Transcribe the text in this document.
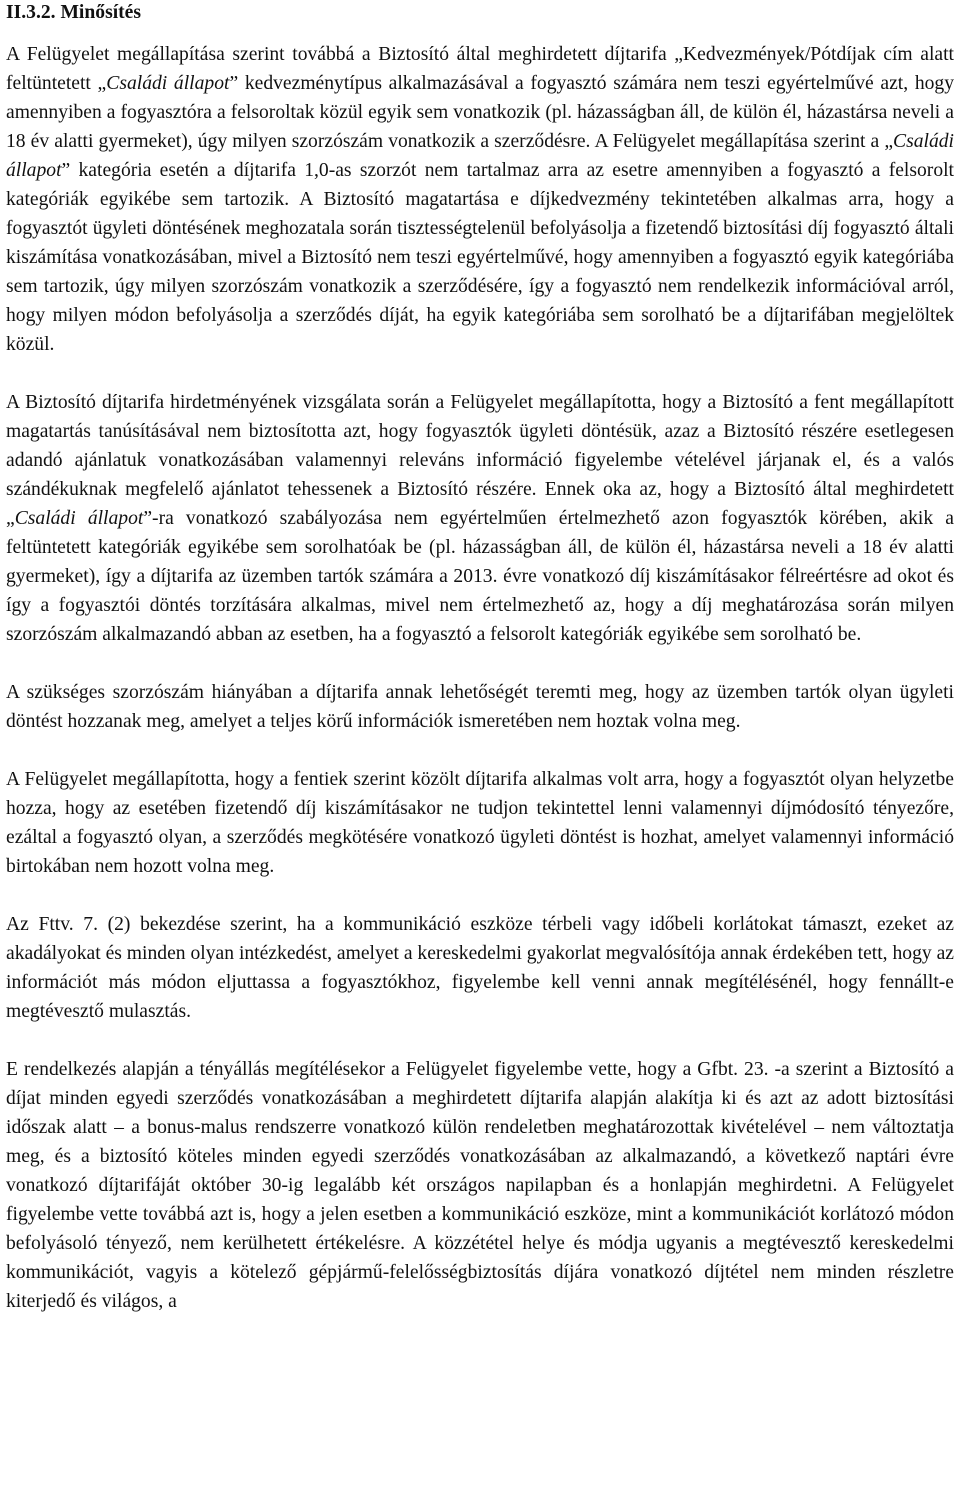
II.3.2. Minősítés

A Felügyelet megállapítása szerint továbbá a Biztosító által meghirdetett díjtarifa „Kedvezmények/Pótdíjak cím alatt feltüntetett „Családi állapot” kedvezménytípus alkalmazásával a fogyasztó számára nem teszi egyértelművé azt, hogy amennyiben a fogyasztóra a felsoroltak közül egyik sem vonatkozik (pl. házasságban áll, de külön él, házastársa neveli a 18 év alatti gyermeket), úgy milyen szorzószám vonatkozik a szerződésre. A Felügyelet megállapítása szerint a „Családi állapot” kategória esetén a díjtarifa 1,0-as szorzót nem tartalmaz arra az esetre amennyiben a fogyasztó a felsorolt kategóriák egyikébe sem tartozik. A Biztosító magatartása e díjkedvezmény tekintetében alkalmas arra, hogy a fogyasztót ügyleti döntésének meghozatala során tisztességtelenül befolyásolja a fizetendő biztosítási díj fogyasztó általi kiszámítása vonatkozásában, mivel a Biztosító nem teszi egyértelművé, hogy amennyiben a fogyasztó egyik kategóriába sem tartozik, úgy milyen szorzószám vonatkozik a szerződésére, így a fogyasztó nem rendelkezik információval arról, hogy milyen módon befolyásolja a szerződés díját, ha egyik kategóriába sem sorolható be a díjtarifában megjelöltek közül.

A Biztosító díjtarifa hirdetményének vizsgálata során a Felügyelet megállapította, hogy a Biztosító a fent megállapított magatartás tanúsításával nem biztosította azt, hogy fogyasztók ügyleti döntésük, azaz a Biztosító részére esetlegesen adandó ajánlatuk vonatkozásában valamennyi releváns információ figyelembe vételével járjanak el, és a valós szándékuknak megfelelő ajánlatot tehessenek a Biztosító részére. Ennek oka az, hogy a Biztosító által meghirdetett „Családi állapot”-ra vonatkozó szabályozása nem egyértelműen értelmezhető azon fogyasztók körében, akik a feltüntetett kategóriák egyikébe sem sorolhatóak be (pl. házasságban áll, de külön él, házastársa neveli a 18 év alatti gyermeket), így a díjtarifa az üzemben tartók számára a 2013. évre vonatkozó díj kiszámításakor félreértésre ad okot és így a fogyasztói döntés torzítására alkalmas, mivel nem értelmezhető az, hogy a díj meghatározása során milyen szorzószám alkalmazandó abban az esetben, ha a fogyasztó a felsorolt kategóriák egyikébe sem sorolható be.

A szükséges szorzószám hiányában a díjtarifa annak lehetőségét teremti meg, hogy az üzemben tartók olyan ügyleti döntést hozzanak meg, amelyet a teljes körű információk ismeretében nem hoztak volna meg.

A Felügyelet megállapította, hogy a fentiek szerint közölt díjtarifa alkalmas volt arra, hogy a fogyasztót olyan helyzetbe hozza, hogy az esetében fizetendő díj kiszámításakor ne tudjon tekintettel lenni valamennyi díjmódosító tényezőre, ezáltal a fogyasztó olyan, a szerződés megkötésére vonatkozó ügyleti döntést is hozhat, amelyet valamennyi információ birtokában nem hozott volna meg.

Az Fttv. 7. (2) bekezdése szerint, ha a kommunikáció eszköze térbeli vagy időbeli korlátokat támaszt, ezeket az akadályokat és minden olyan intézkedést, amelyet a kereskedelmi gyakorlat megvalósítója annak érdekében tett, hogy az információt más módon eljuttassa a fogyasztókhoz, figyelembe kell venni annak megítélésénél, hogy fennállt-e megtévesztő mulasztás.

E rendelkezés alapján a tényállás megítélésekor a Felügyelet figyelembe vette, hogy a Gfbt. 23. -a szerint a Biztosító a díjat minden egyedi szerződés vonatkozásában a meghirdetett díjtarifa alapján alakítja ki és azt az adott biztosítási időszak alatt – a bonus-malus rendszerre vonatkozó külön rendeletben meghatározottak kivételével – nem változtatja meg, és a biztosító köteles minden egyedi szerződés vonatkozásában az alkalmazandó, a következő naptári évre vonatkozó díjtarifáját október 30-ig legalább két országos napilapban és a honlapján meghirdetni. A Felügyelet figyelembe vette továbbá azt is, hogy a jelen esetben a kommunikáció eszköze, mint a kommunikációt korlátozó módon befolyásoló tényező, nem kerülhetett értékelésre. A közzététel helye és módja ugyanis a megtévesztő kereskedelmi kommunikációt, vagyis a kötelező gépjármű-felelősségbiztosítás díjára vonatkozó díjtétel nem minden részletre kiterjedő és világos, a
